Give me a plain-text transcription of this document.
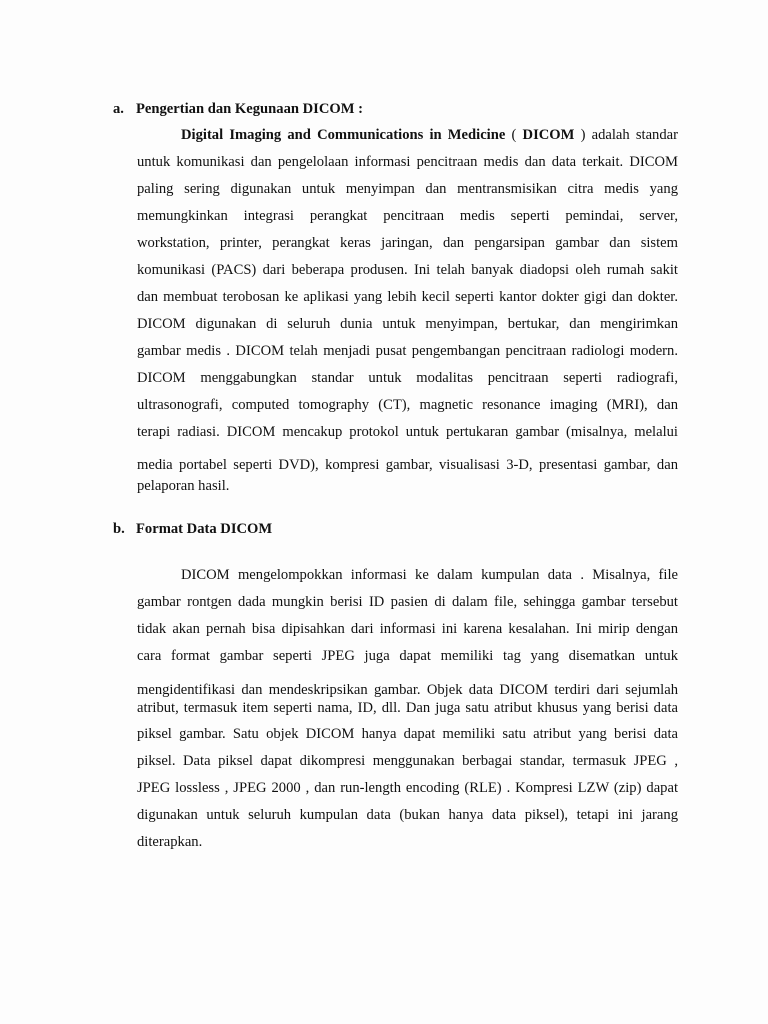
a. Pengertian dan Kegunaan DICOM :
Digital Imaging and Communications in Medicine ( DICOM ) adalah standar
untuk komunikasi dan pengelolaan informasi pencitraan medis dan data terkait. DICOM
paling sering digunakan untuk menyimpan dan mentransmisikan citra medis yang
memungkinkan integrasi perangkat pencitraan medis seperti pemindai, server,
workstation, printer, perangkat keras jaringan, dan pengarsipan gambar dan sistem
komunikasi (PACS) dari beberapa produsen. Ini telah banyak diadopsi oleh rumah sakit
dan membuat terobosan ke aplikasi yang lebih kecil seperti kantor dokter gigi dan dokter.
DICOM digunakan di seluruh dunia untuk menyimpan, bertukar, dan mengirimkan
gambar medis . DICOM telah menjadi pusat pengembangan pencitraan radiologi modern.
DICOM menggabungkan standar untuk modalitas pencitraan seperti radiografi,
ultrasonografi, computed tomography (CT), magnetic resonance imaging (MRI), dan
terapi radiasi. DICOM mencakup protokol untuk pertukaran gambar (misalnya, melalui
media portabel seperti DVD), kompresi gambar, visualisasi 3-D, presentasi gambar, dan
pelaporan hasil.
b. Format Data DICOM
DICOM mengelompokkan informasi ke dalam kumpulan data . Misalnya, file
gambar rontgen dada mungkin berisi ID pasien di dalam file, sehingga gambar tersebut
tidak akan pernah bisa dipisahkan dari informasi ini karena kesalahan. Ini mirip dengan
cara format gambar seperti JPEG juga dapat memiliki tag yang disematkan untuk
mengidentifikasi dan mendeskripsikan gambar. Objek data DICOM terdiri dari sejumlah
atribut, termasuk item seperti nama, ID, dll. Dan juga satu atribut khusus yang berisi data
piksel gambar. Satu objek DICOM hanya dapat memiliki satu atribut yang berisi data
piksel. Data piksel dapat dikompresi menggunakan berbagai standar, termasuk JPEG ,
JPEG lossless , JPEG 2000 , dan run-length encoding (RLE) . Kompresi LZW (zip) dapat
digunakan untuk seluruh kumpulan data (bukan hanya data piksel), tetapi ini jarang
diterapkan.
